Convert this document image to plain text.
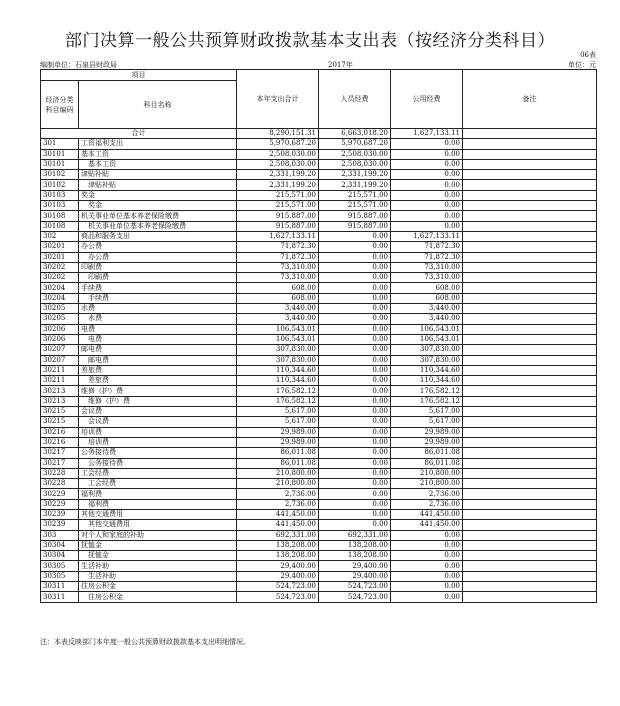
部门决算一般公共预算财政拨款基本支出表（按经济分类科目）
06表
编制单位：石泉县财政局	2017年	单位：元
项目		本年支出合计	人员经费	公用经费	备注
经济分类
科目编码	科目名称				
合计		8,290,151.31	6,663,018.20	1,627,133.11	
301	工资福利支出	5,970,687.20	5,970,687.20	0.00	
30101	基本工资	2,508,030.00	2,508,030.00	0.00	
30101	基本工资	2,508,030.00	2,508,030.00	0.00	
30102	津贴补贴	2,331,199.20	2,331,199.20	0.00	
30102	津贴补贴	2,331,199.20	2,331,199.20	0.00	
30103	奖金	215,571.00	215,571.00	0.00	
30103	奖金	215,571.00	215,571.00	0.00	
30108	机关事业单位基本养老保险缴费	915,887.00	915,887.00	0.00	
30108	机关事业单位基本养老保险缴费	915,887.00	915,887.00	0.00	
302	商品和服务支出	1,627,133.11	0.00	1,627,133.11	
30201	办公费	71,872.30	0.00	71,872.30	
30201	办公费	71,872.30	0.00	71,872.30	
30202	印刷费	73,310.00	0.00	73,310.00	
30202	印刷费	73,310.00	0.00	73,310.00	
30204	手续费	608.00	0.00	608.00	
30204	手续费	608.00	0.00	608.00	
30205	水费	3,440.00	0.00	3,440.00	
30205	水费	3,440.00	0.00	3,440.00	
30206	电费	106,543.01	0.00	106,543.01	
30206	电费	106,543.01	0.00	106,543.01	
30207	邮电费	307,830.00	0.00	307,830.00	
30207	邮电费	307,830.00	0.00	307,830.00	
30211	差旅费	110,344.60	0.00	110,344.60	
30211	差旅费	110,344.60	0.00	110,344.60	
30213	维修（护）费	176,582.12	0.00	176,582.12	
30213	维修（护）费	176,582.12	0.00	176,582.12	
30215	会议费	5,617.00	0.00	5,617.00	
30215	会议费	5,617.00	0.00	5,617.00	
30216	培训费	29,989.00	0.00	29,989.00	
30216	培训费	29,989.00	0.00	29,989.00	
30217	公务接待费	86,011.08	0.00	86,011.08	
30217	公务接待费	86,011.08	0.00	86,011.08	
30228	工会经费	210,800.00	0.00	210,800.00	
30228	工会经费	210,800.00	0.00	210,800.00	
30229	福利费	2,736.00	0.00	2,736.00	
30229	福利费	2,736.00	0.00	2,736.00	
30239	其他交通费用	441,450.00	0.00	441,450.00	
30239	其他交通费用	441,450.00	0.00	441,450.00	
303	对个人和家庭的补助	692,331.00	692,331.00	0.00	
30304	抚恤金	138,208.00	138,208.00	0.00	
30304	抚恤金	138,208.00	138,208.00	0.00	
30305	生活补助	29,400.00	29,400.00	0.00	
30305	生活补助	29,400.00	29,400.00	0.00	
30311	住房公积金	524,723.00	524,723.00	0.00	
30311	住房公积金	524,723.00	524,723.00	0.00	
注：本表反映部门本年度一般公共预算财政拨款基本支出明细情况。
